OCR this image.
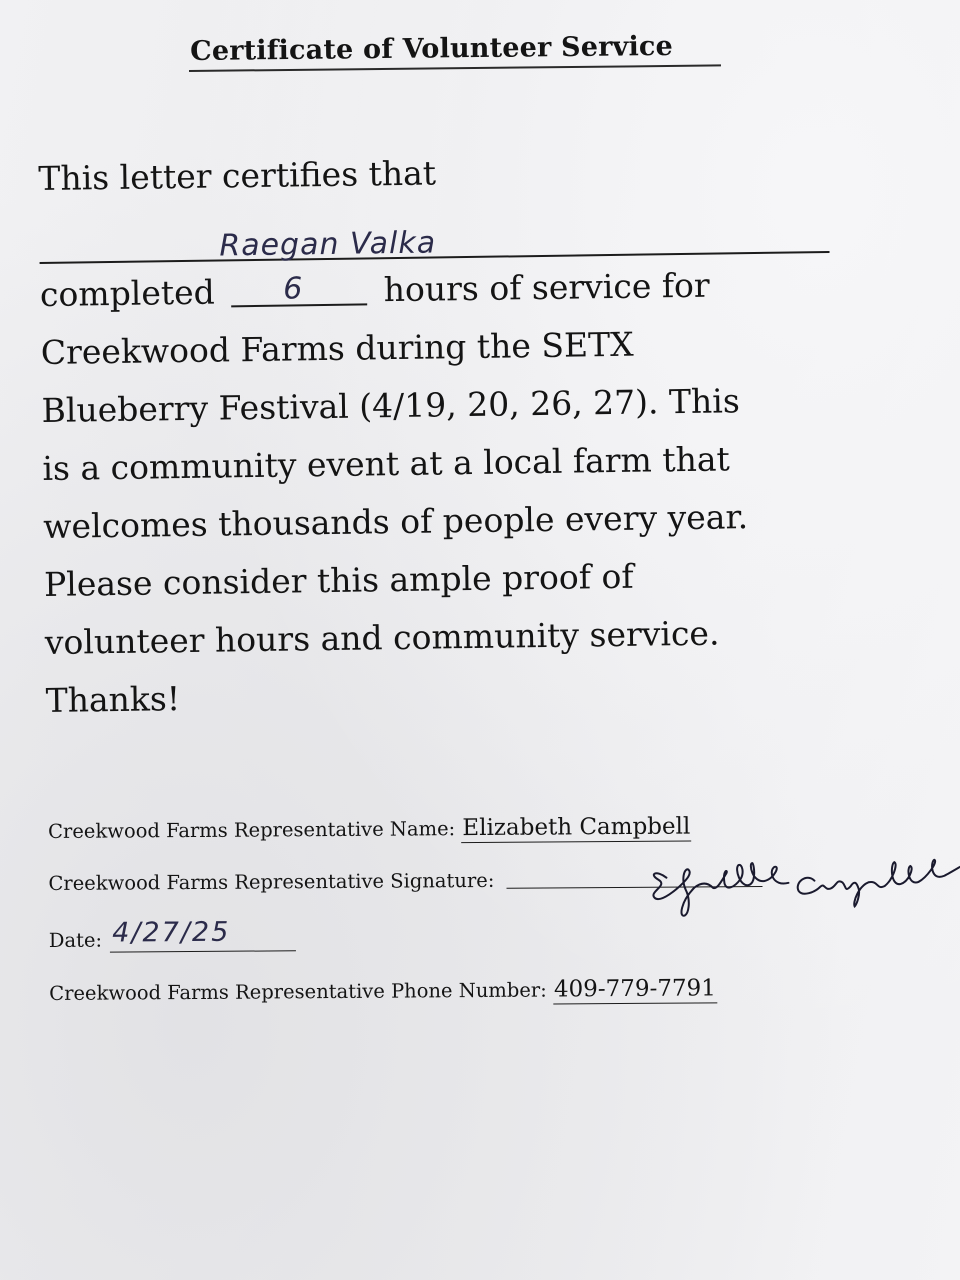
Certificate of Volunteer Service
This letter certifies that
Raegan Valka
completed 6 hours of service for
Creekwood Farms during the SETX
Blueberry Festival (4/19, 20, 26, 27). This
is a community event at a local farm that
welcomes thousands of people every year.
Please consider this ample proof of
volunteer hours and community service.
Thanks!
Creekwood Farms Representative Name: Elizabeth Campbell
Creekwood Farms Representative Signature:
Date: 4/27/25
Creekwood Farms Representative Phone Number: 409-779-7791
